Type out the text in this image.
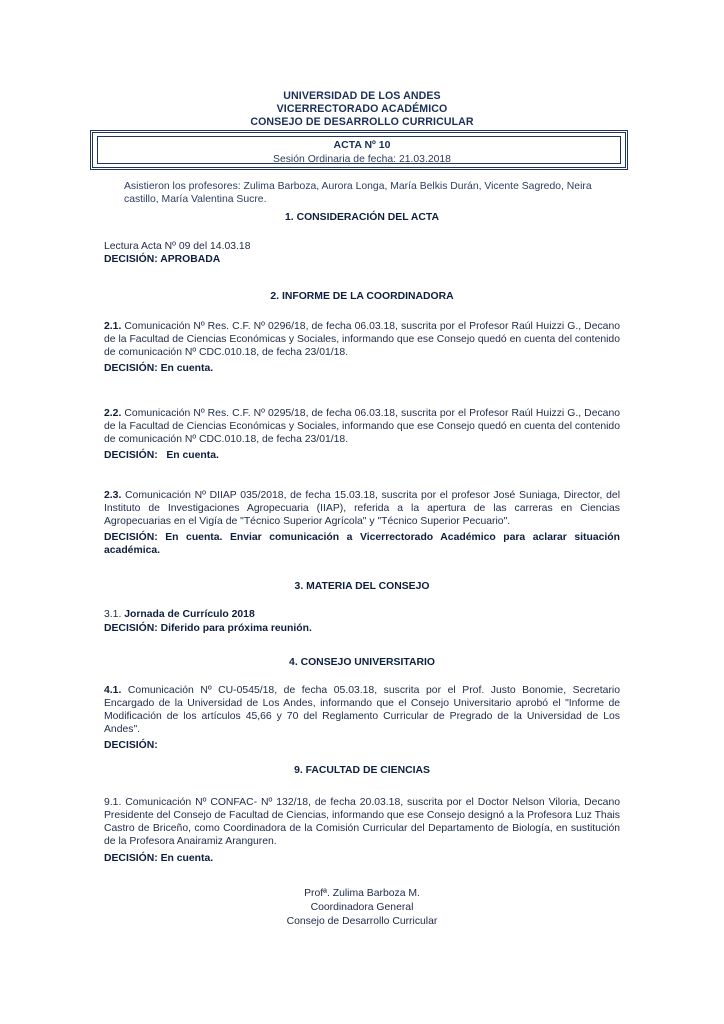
UNIVERSIDAD DE LOS ANDES
VICERRECTORADO ACADÉMICO
CONSEJO DE DESARROLLO CURRICULAR
ACTA Nº 10
Sesión Ordinaria de fecha: 21.03.2018
Asistieron los profesores: Zulima Barboza, Aurora Longa, María Belkis Durán, Vicente Sagredo, Neira castillo, María Valentina Sucre.
1. CONSIDERACIÓN DEL ACTA
Lectura Acta Nº 09 del 14.03.18
DECISIÓN: APROBADA
2. INFORME DE LA COORDINADORA
2.1. Comunicación Nº Res. C.F. Nº 0296/18, de fecha 06.03.18, suscrita por el Profesor Raúl Huizzi G., Decano de la Facultad de Ciencias Económicas y Sociales, informando que ese Consejo quedó en cuenta del contenido de comunicación Nº CDC.010.18, de fecha 23/01/18.
DECISIÓN: En cuenta.
2.2. Comunicación Nº Res. C.F. Nº 0295/18, de fecha 06.03.18, suscrita por el Profesor Raúl Huizzi G., Decano de la Facultad de Ciencias Económicas y Sociales, informando que ese Consejo quedó en cuenta del contenido de comunicación Nº CDC.010.18, de fecha 23/01/18.
DECISIÓN:   En cuenta.
2.3. Comunicación Nº DIIAP 035/2018, de fecha 15.03.18, suscrita por el profesor José Suniaga, Director, del Instituto de Investigaciones Agropecuaria (IIAP), referida a la apertura de las carreras en Ciencias Agropecuarias en el Vigía de "Técnico Superior Agrícola" y "Técnico Superior Pecuario".
DECISIÓN: En cuenta. Enviar comunicación a Vicerrectorado Académico para aclarar situación académica.
3. MATERIA DEL CONSEJO
3.1. Jornada de Currículo 2018
DECISIÓN: Diferido para próxima reunión.
4. CONSEJO UNIVERSITARIO
4.1. Comunicación Nº CU-0545/18, de fecha 05.03.18, suscrita por el Prof. Justo Bonomie, Secretario Encargado de la Universidad de Los Andes, informando que el Consejo Universitario aprobó el "Informe de Modificación de los artículos 45,66 y 70 del Reglamento Curricular de Pregrado de la Universidad de Los Andes".
DECISIÓN:
9. FACULTAD DE CIENCIAS
9.1. Comunicación Nº CONFAC- Nº 132/18, de fecha 20.03.18, suscrita por el Doctor Nelson Viloria, Decano Presidente del Consejo de Facultad de Ciencias, informando que ese Consejo designó a la Profesora Luz Thais Castro de Briceño, como Coordinadora de la Comisión Curricular del Departamento de Biología, en sustitución de la Profesora Anairamiz Aranguren.
DECISIÓN: En cuenta.
Profª. Zulima Barboza M.
Coordinadora General
Consejo de Desarrollo Curricular
